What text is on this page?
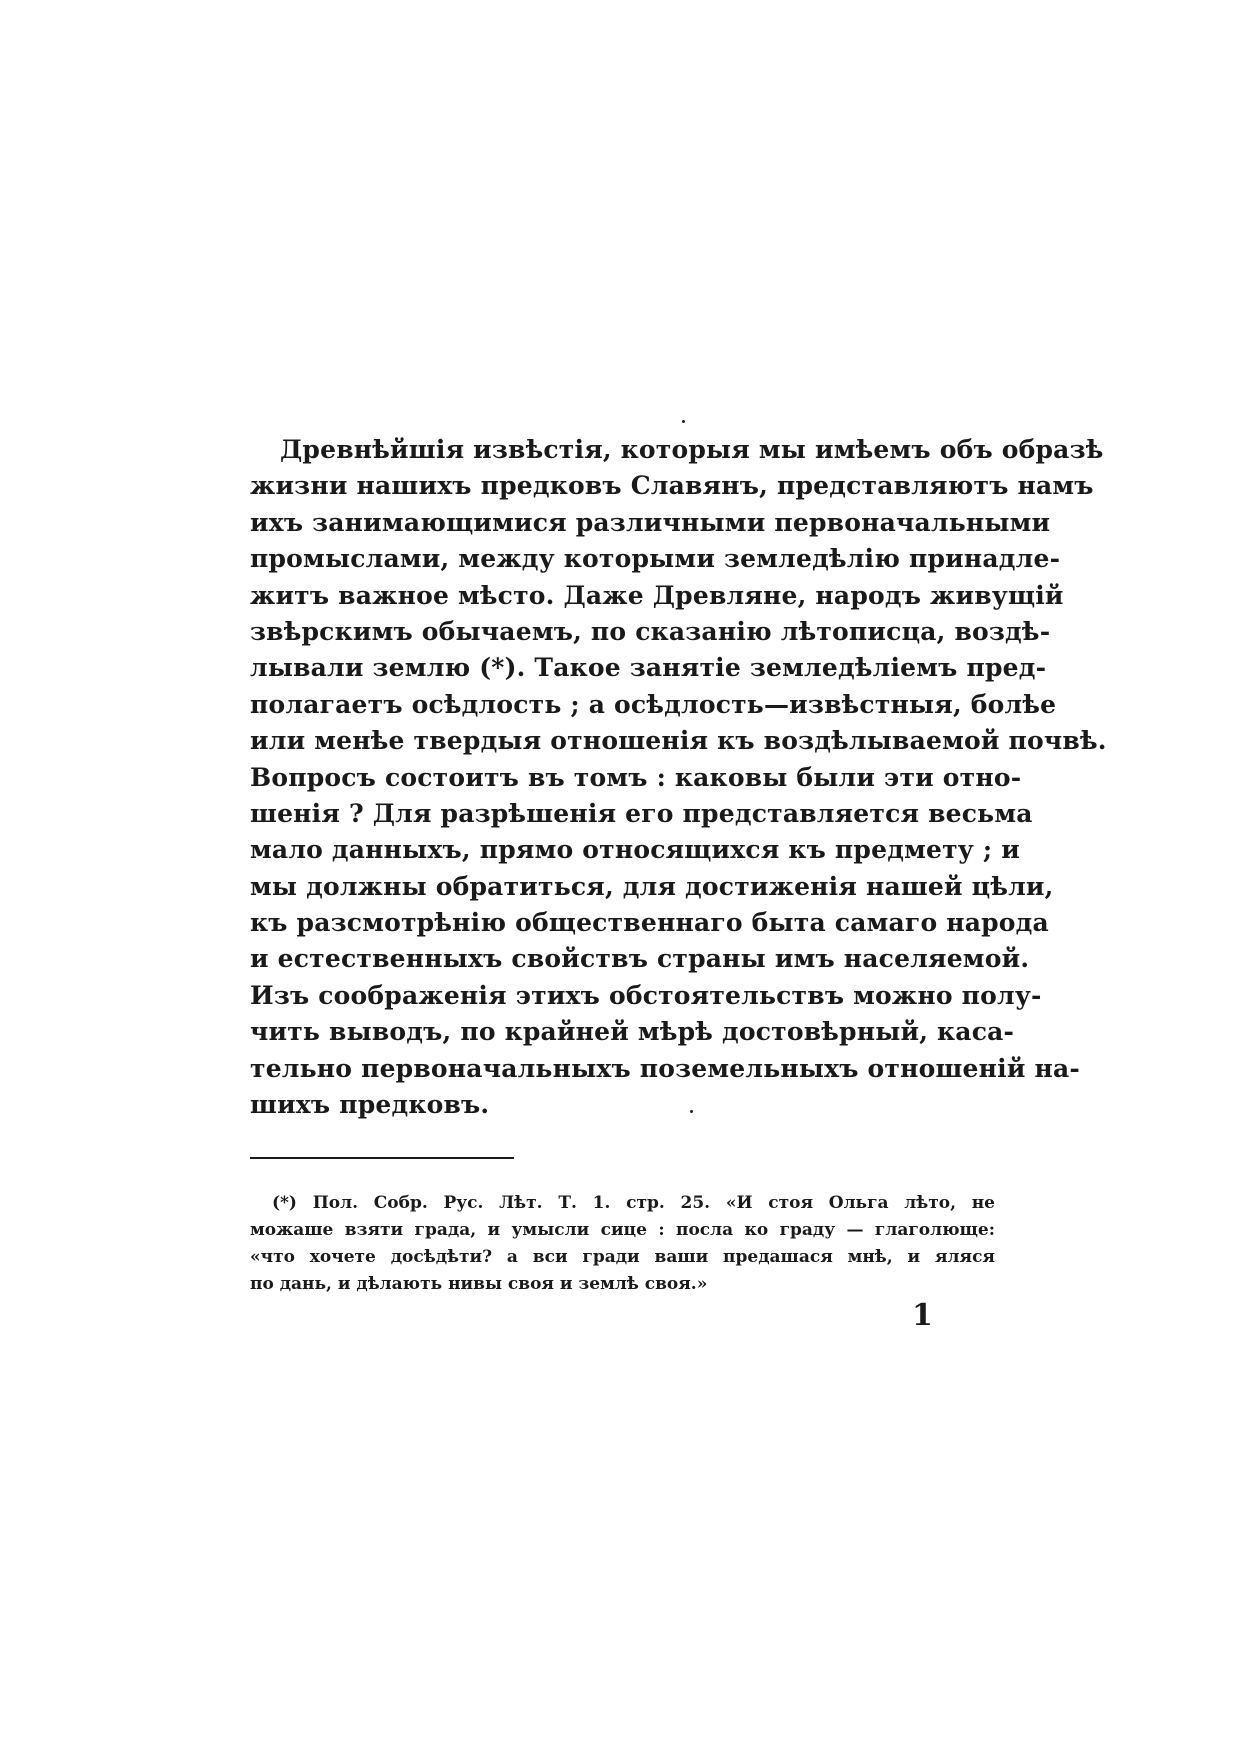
Древнѣйшія извѣстія, которыя мы имѣемъ объ образѣ
жизни нашихъ предковъ Славянъ, представляютъ намъ
ихъ занимающимися различными первоначальными
промыслами, между которыми земледѣлію принадле-
житъ важное мѣсто. Даже Древляне, народъ живущій
звѣрскимъ обычаемъ, по сказанію лѣтописца, воздѣ-
лывали землю (*). Такое занятіе земледѣліемъ пред-
полагаетъ осѣдлость ; а осѣдлость—извѣстныя, болѣе
или менѣе твердыя отношенія къ воздѣлываемой почвѣ.
Вопросъ состоитъ въ томъ : каковы были эти отно-
шенія ? Для разрѣшенія его представляется весьма
мало данныхъ, прямо относящихся къ предмету ; и
мы должны обратиться, для достиженія нашей цѣли,
къ разсмотрѣнію общественнаго быта самаго народа
и естественныхъ свойствъ страны имъ населяемой.
Изъ соображенія этихъ обстоятельствъ можно полу-
чить выводъ, по крайней мѣрѣ достовѣрный, каса-
тельно первоначальныхъ поземельныхъ отношеній на-
шихъ предковъ.
(*) Пол. Собр. Рус. Лѣт. Т. 1. стр. 25. «И стоя Ольга лѣто, не
можаше взяти града, и умысли сице : посла ко граду — глаголюще:
«что хочете досѣдѣти? а вси гради ваши предашася мнѣ, и яляся
по дань, и дѣлають нивы своя и землѣ своя.»
1
